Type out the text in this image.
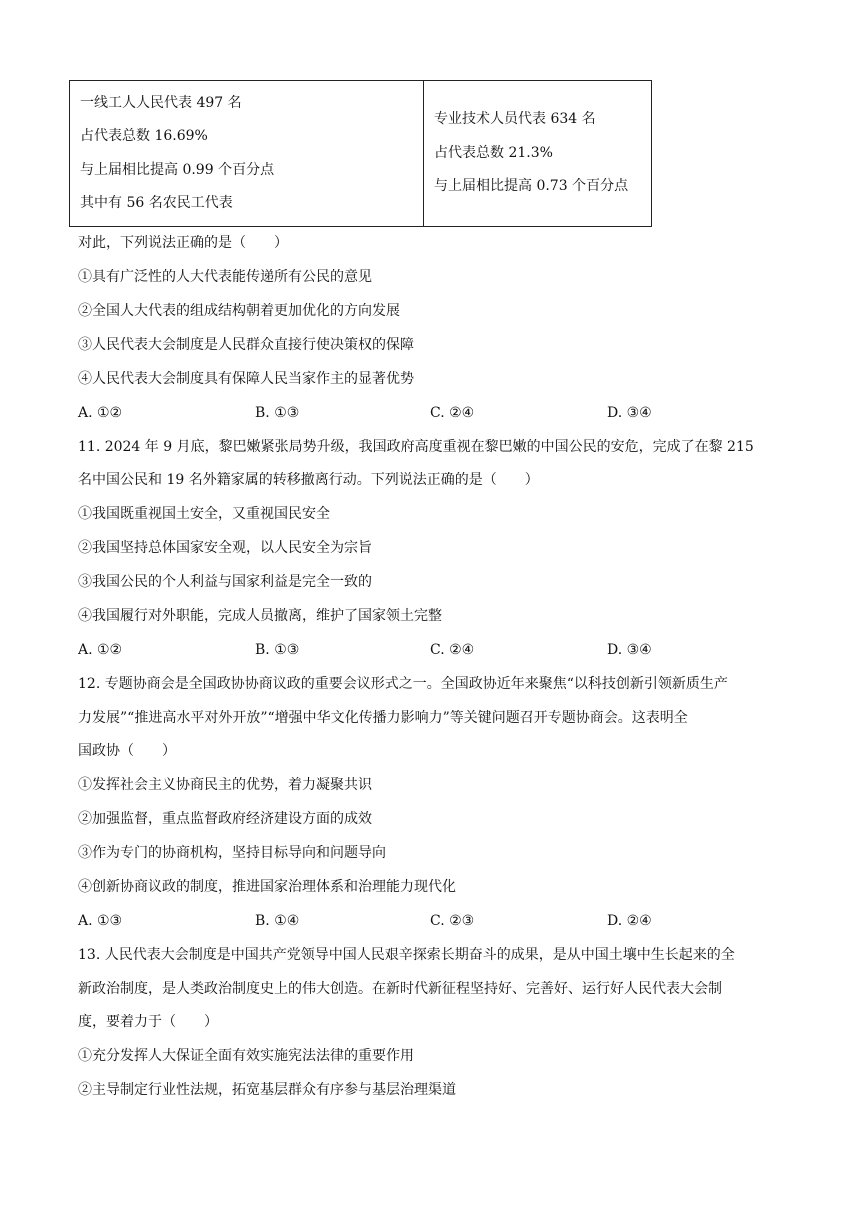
一线工人人民代表 497 名
占代表总数 16.69%
与上届相比提高 0.99 个百分点
其中有 56 名农民工代表

专业技术人员代表 634 名
占代表总数 21.3%
与上届相比提高 0.73 个百分点
对此，下列说法正确的是（　　）
①具有广泛性的人大代表能传递所有公民的意见
②全国人大代表的组成结构朝着更加优化的方向发展
③人民代表大会制度是人民群众直接行使决策权的保障
④人民代表大会制度具有保障人民当家作主的显著优势
A. ①②	B. ①③	C. ②④	D. ③④
11. 2024 年 9 月底，黎巴嫩紧张局势升级，我国政府高度重视在黎巴嫩的中国公民的安危，完成了在黎 215
名中国公民和 19 名外籍家属的转移撤离行动。下列说法正确的是（　　）
①我国既重视国土安全，又重视国民安全
②我国坚持总体国家安全观，以人民安全为宗旨
③我国公民的个人利益与国家利益是完全一致的
④我国履行对外职能，完成人员撤离，维护了国家领土完整
A. ①②	B. ①③	C. ②④	D. ③④
12. 专题协商会是全国政协协商议政的重要会议形式之一。全国政协近年来聚焦“以科技创新引领新质生产
力发展”“推进高水平对外开放”“增强中华文化传播力影响力”等关键问题召开专题协商会。这表明全
国政协（　　）
①发挥社会主义协商民主的优势，着力凝聚共识
②加强监督，重点监督政府经济建设方面的成效
③作为专门的协商机构，坚持目标导向和问题导向
④创新协商议政的制度，推进国家治理体系和治理能力现代化
A. ①③	B. ①④	C. ②③	D. ②④
13. 人民代表大会制度是中国共产党领导中国人民艰辛探索长期奋斗的成果，是从中国土壤中生长起来的全
新政治制度，是人类政治制度史上的伟大创造。在新时代新征程坚持好、完善好、运行好人民代表大会制
度，要着力于（　　）
①充分发挥人大保证全面有效实施宪法法律的重要作用
②主导制定行业性法规，拓宽基层群众有序参与基层治理渠道
